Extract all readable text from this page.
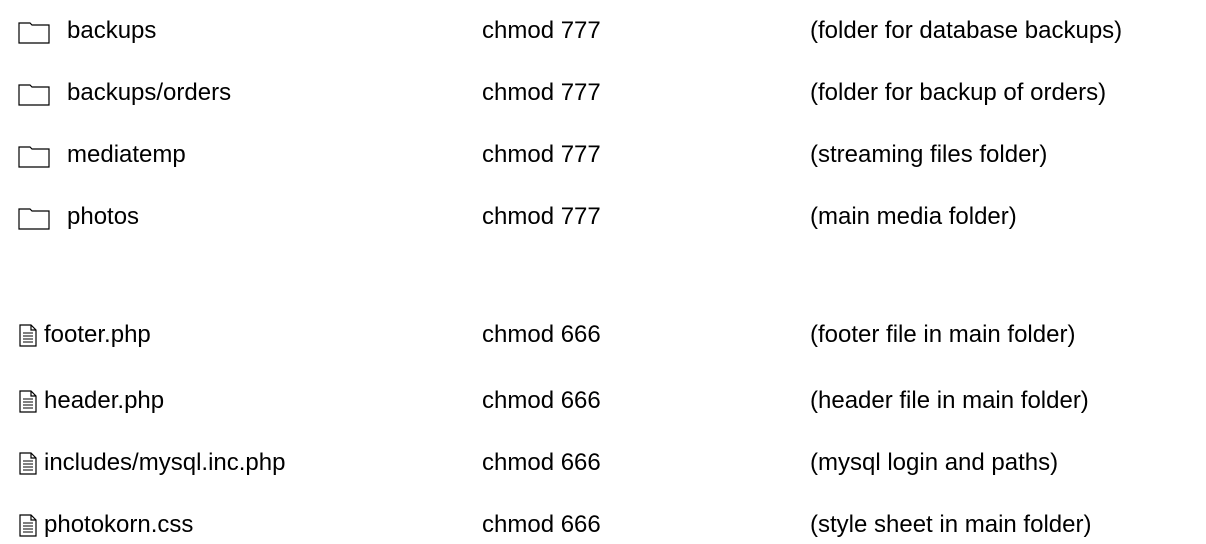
backups	chmod 777	(folder for database backups)
backups/orders	chmod 777	(folder for backup of orders)
mediatemp	chmod 777	(streaming files folder)
photos	chmod 777	(main media folder)
footer.php	chmod 666	(footer file in main folder)
header.php	chmod 666	(header file in main folder)
includes/mysql.inc.php	chmod 666	(mysql login and paths)
photokorn.css	chmod 666	(style sheet in main folder)
